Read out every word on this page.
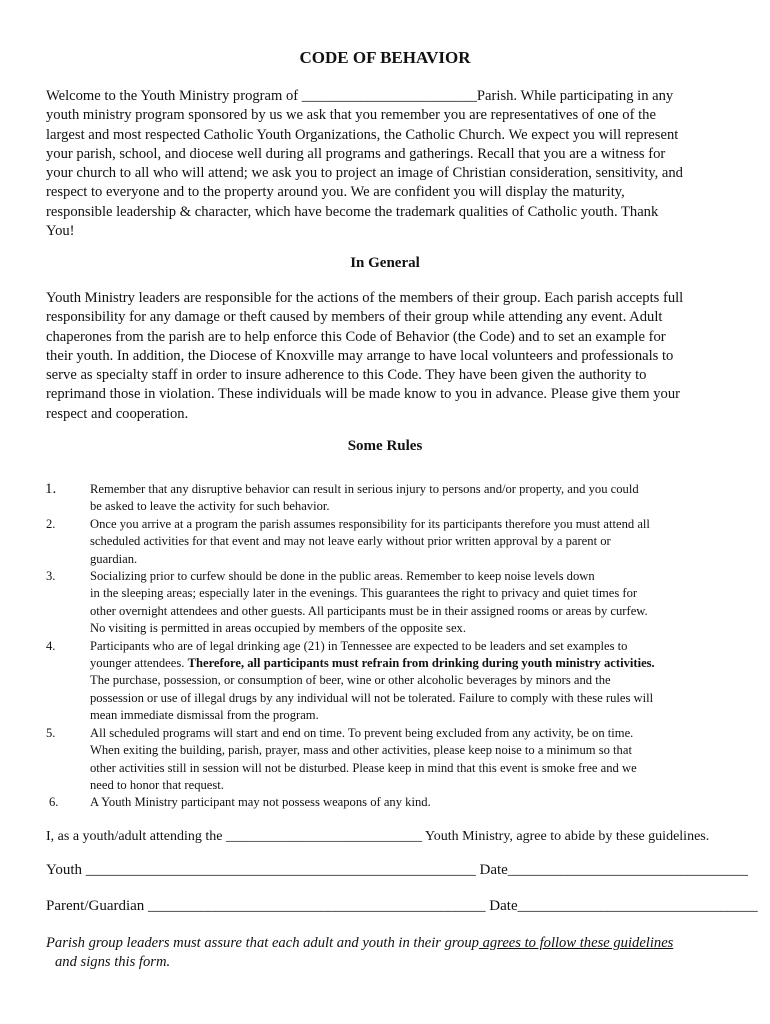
CODE OF BEHAVIOR
Welcome to the Youth Ministry program of ________________________Parish. While participating in any
youth ministry program sponsored by us we ask that you remember you are representatives of one of the
largest and most respected Catholic Youth Organizations, the Catholic Church. We expect you will represent
your parish, school, and diocese well during all programs and gatherings. Recall that you are a witness for
your church to all who will attend; we ask you to project an image of Christian consideration, sensitivity, and
respect to everyone and to the property around you. We are confident you will display the maturity,
responsible leadership & character, which have become the trademark qualities of Catholic youth. Thank
You!
In General
Youth Ministry leaders are responsible for the actions of the members of their group. Each parish accepts full
responsibility for any damage or theft caused by members of their group while attending any event. Adult
chaperones from the parish are to help enforce this Code of Behavior (the Code) and to set an example for
their youth. In addition, the Diocese of Knoxville may arrange to have local volunteers and professionals to
serve as specialty staff in order to insure adherence to this Code. They have been given the authority to
reprimand those in violation. These individuals will be made know to you in advance. Please give them your
respect and cooperation.
Some Rules
1.	Remember that any disruptive behavior can result in serious injury to persons and/or property, and you could
be asked to leave the activity for such behavior.
2.	Once you arrive at a program the parish assumes responsibility for its participants therefore you must attend all
scheduled activities for that event and may not leave early without prior written approval by a parent or
guardian.
3.	Socializing prior to curfew should be done in the public areas. Remember to keep noise levels down
in the sleeping areas; especially later in the evenings. This guarantees the right to privacy and quiet times for
other overnight attendees and other guests. All participants must be in their assigned rooms or areas by curfew.
No visiting is permitted in areas occupied by members of the opposite sex.
4.	Participants who are of legal drinking age (21) in Tennessee are expected to be leaders and set examples to
younger attendees. Therefore, all participants must refrain from drinking during youth ministry activities.
The purchase, possession, or consumption of beer, wine or other alcoholic beverages by minors and the
possession or use of illegal drugs by any individual will not be tolerated. Failure to comply with these rules will
mean immediate dismissal from the program.
5.	All scheduled programs will start and end on time. To prevent being excluded from any activity, be on time.
When exiting the building, parish, prayer, mass and other activities, please keep noise to a minimum so that
other activities still in session will not be disturbed. Please keep in mind that this event is smoke free and we
need to honor that request.
6.	A Youth Ministry participant may not possess weapons of any kind.
I, as a youth/adult attending the ____________________________ Youth Ministry, agree to abide by these guidelines.
Youth ____________________________________________________ Date________________________________
Parent/Guardian _____________________________________________ Date________________________________
Parish group leaders must assure that each adult and youth in their group agrees to follow these guidelines
and signs this form.
